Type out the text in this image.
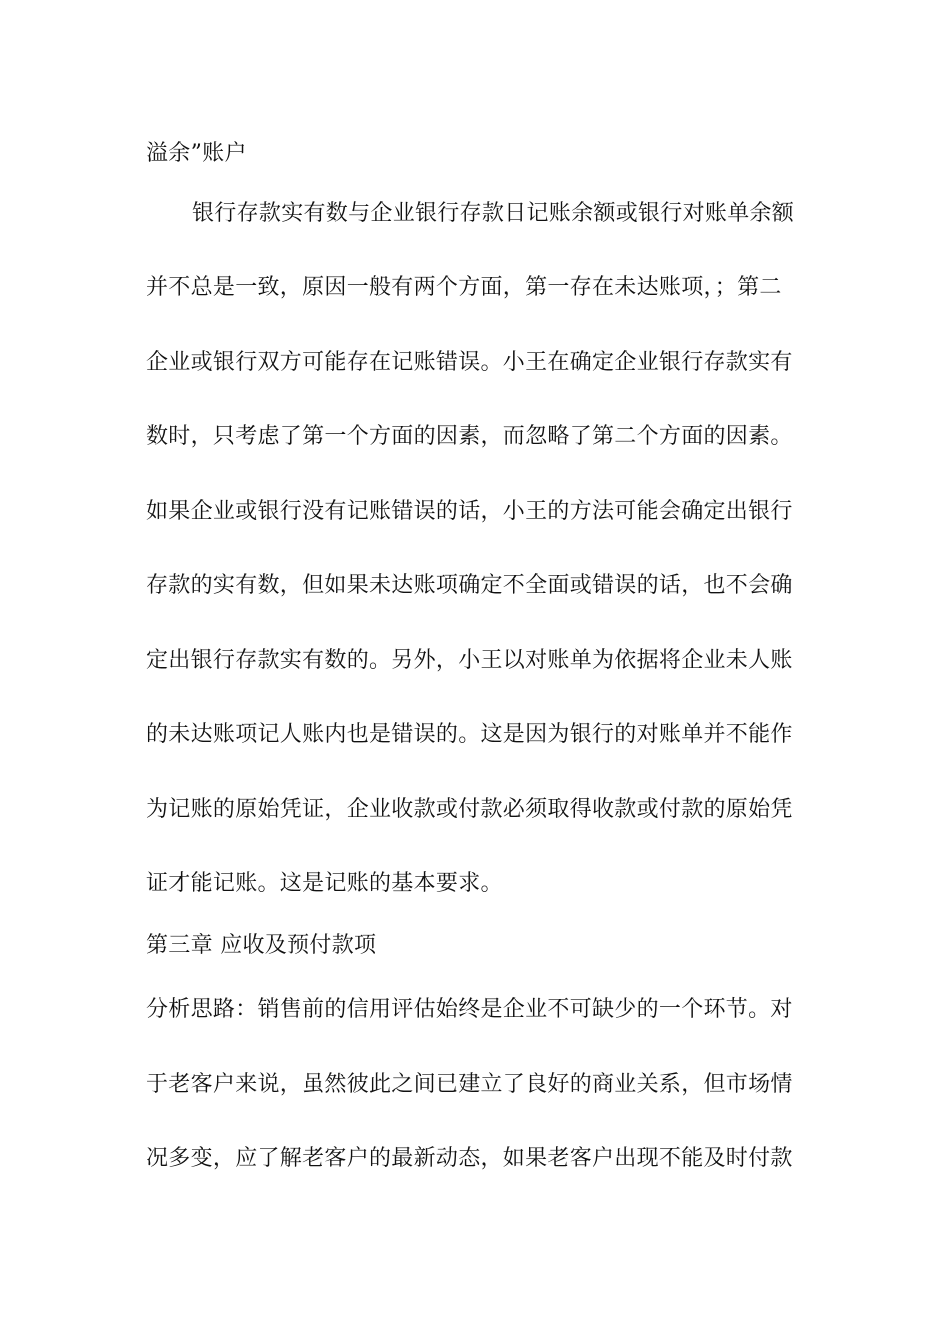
溢余”账户
银行存款实有数与企业银行存款日记账余额或银行对账单余额
并不总是一致，原因一般有两个方面，第一存在未达账项，；第二
企业或银行双方可能存在记账错误。小王在确定企业银行存款实有
数时，只考虑了第一个方面的因素，而忽略了第二个方面的因素。
如果企业或银行没有记账错误的话，小王的方法可能会确定出银行
存款的实有数，但如果未达账项确定不全面或错误的话，也不会确
定出银行存款实有数的。另外，小王以对账单为依据将企业未人账
的未达账项记人账内也是错误的。这是因为银行的对账单并不能作
为记账的原始凭证，企业收款或付款必须取得收款或付款的原始凭
证才能记账。这是记账的基本要求。
第三章 应收及预付款项
分析思路：销售前的信用评估始终是企业不可缺少的一个环节。对
于老客户来说，虽然彼此之间已建立了良好的商业关系，但市场情
况多变，应了解老客户的最新动态，如果老客户出现不能及时付款
